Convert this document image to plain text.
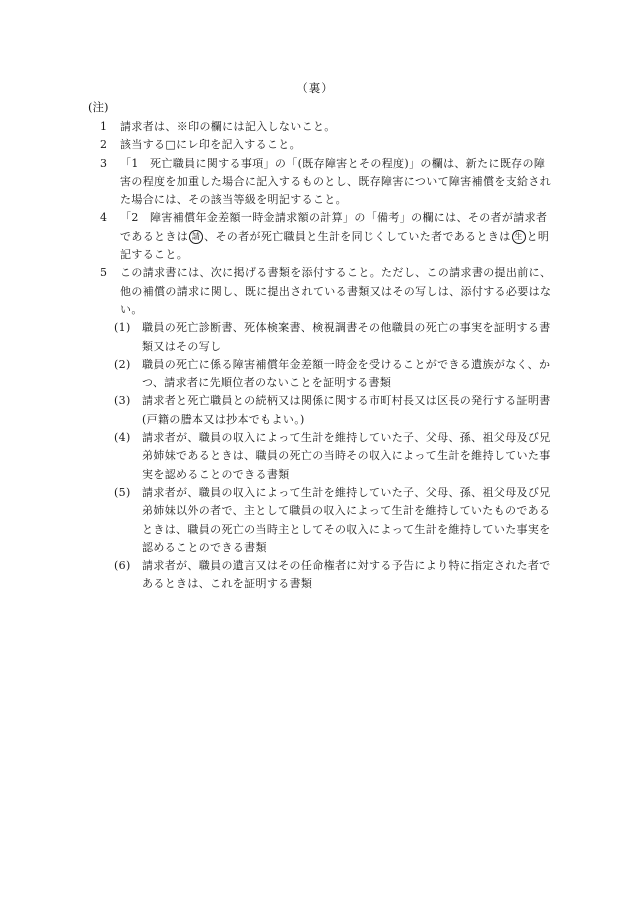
（裏）
(注)
1	請求者は、※印の欄には記入しないこと。
2	該当する□にレ印を記入すること。
3	「1　死亡職員に関する事項」の「(既存障害とその程度)」の欄は、新たに既存の障害の程度を加重した場合に記入するものとし、既存障害について障害補償を支給された場合には、その該当等級を明記すること。
4	「2　障害補償年金差額一時金請求額の計算」の「備考」の欄には、その者が請求者であるときは 請 、その者が死亡職員と生計を同じくしていた者であるときは 生 と明記すること。
5	この請求書には、次に掲げる書類を添付すること。ただし、この請求書の提出前に、他の補償の請求に関し、既に提出されている書類又はその写しは、添付する必要はない。
(1)	職員の死亡診断書、死体検案書、検視調書その他職員の死亡の事実を証明する書類又はその写し
(2)	職員の死亡に係る障害補償年金差額一時金を受けることができる遺族がなく、かつ、請求者に先順位者のないことを証明する書類
(3)	請求者と死亡職員との続柄又は関係に関する市町村長又は区長の発行する証明書 (戸籍の謄本又は抄本でもよい。)
(4)	請求者が、職員の収入によって生計を維持していた子、父母、孫、祖父母及び兄弟姉妹であるときは、職員の死亡の当時その収入によって生計を維持していた事実を認めることのできる書類
(5)	請求者が、職員の収入によって生計を維持していた子、父母、孫、祖父母及び兄弟姉妹以外の者で、主として職員の収入によって生計を維持していたものであるときは、職員の死亡の当時主としてその収入によって生計を維持していた事実を認めることのできる書類
(6)	請求者が、職員の遺言又はその任命権者に対する予告により特に指定された者であるときは、これを証明する書類
